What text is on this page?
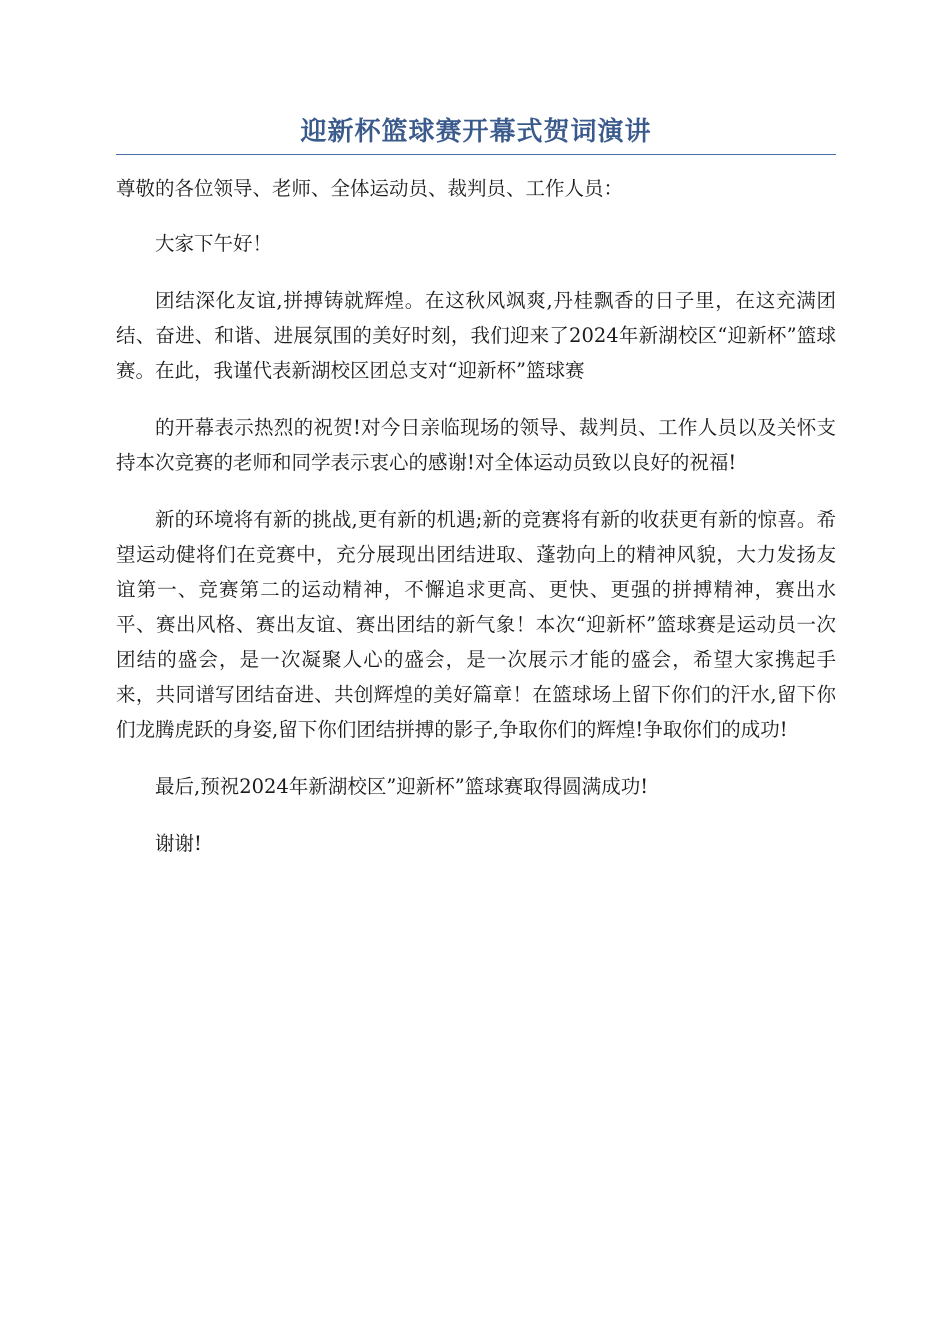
迎新杯篮球赛开幕式贺词演讲

尊敬的各位领导、老师、全体运动员、裁判员、工作人员：

大家下午好！

团结深化友谊,拼搏铸就辉煌。在这秋风飒爽,丹桂飘香的日子里，在这充满团结、奋进、和谐、进展氛围的美好时刻，我们迎来了2024年新湖校区“迎新杯”篮球赛。在此，我谨代表新湖校区团总支对“迎新杯”篮球赛

的开幕表示热烈的祝贺!对今日亲临现场的领导、裁判员、工作人员以及关怀支持本次竞赛的老师和同学表示衷心的感谢!对全体运动员致以良好的祝福!

新的环境将有新的挑战,更有新的机遇;新的竞赛将有新的收获更有新的惊喜。希望运动健将们在竞赛中，充分展现出团结进取、蓬勃向上的精神风貌，大力发扬友谊第一、竞赛第二的运动精神，不懈追求更高、更快、更强的拼搏精神，赛出水平、赛出风格、赛出友谊、赛出团结的新气象！本次“迎新杯”篮球赛是运动员一次团结的盛会，是一次凝聚人心的盛会，是一次展示才能的盛会，希望大家携起手来，共同谱写团结奋进、共创辉煌的美好篇章！在篮球场上留下你们的汗水,留下你们龙腾虎跃的身姿,留下你们团结拼搏的影子,争取你们的辉煌!争取你们的成功!

最后,预祝2024年新湖校区”迎新杯”篮球赛取得圆满成功!

谢谢!
